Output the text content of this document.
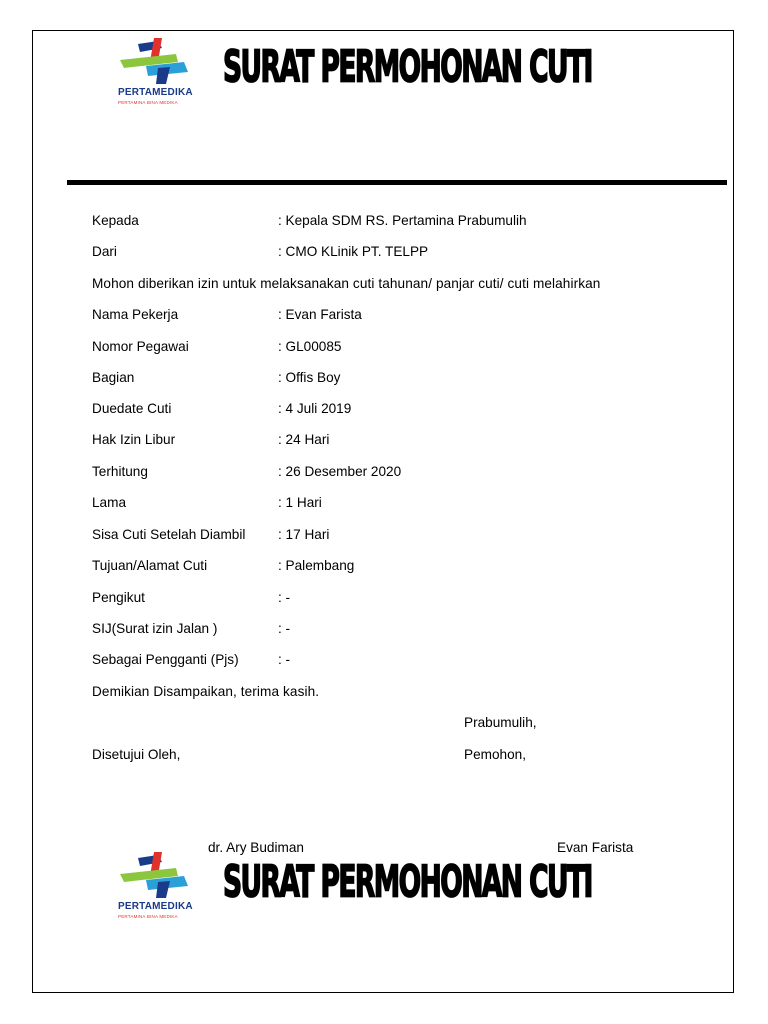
PERTAMEDIKA
PERTAMINA BINA MEDIKA
SURAT PERMOHONAN CUTI
Kepada	: Kepala SDM RS. Pertamina Prabumulih
Dari	: CMO KLinik PT. TELPP
Mohon diberikan izin untuk melaksanakan cuti tahunan/ panjar cuti/ cuti melahirkan
Nama Pekerja	: Evan Farista
Nomor Pegawai	: GL00085
Bagian	: Offis Boy
Duedate Cuti	: 4 Juli 2019
Hak Izin Libur	: 24 Hari
Terhitung	: 26 Desember 2020
Lama	: 1 Hari
Sisa Cuti Setelah Diambil : 17 Hari
Tujuan/Alamat Cuti	: Palembang
Pengikut	: -
SIJ(Surat izin Jalan )	: -
Sebagai Pengganti (Pjs)	: -
Demikian Disampaikan, terima kasih.
Prabumulih,
Disetujui Oleh,	Pemohon,
dr. Ary Budiman	Evan Farista
PERTAMEDIKA
PERTAMINA BINA MEDIKA
SURAT PERMOHONAN CUTI
